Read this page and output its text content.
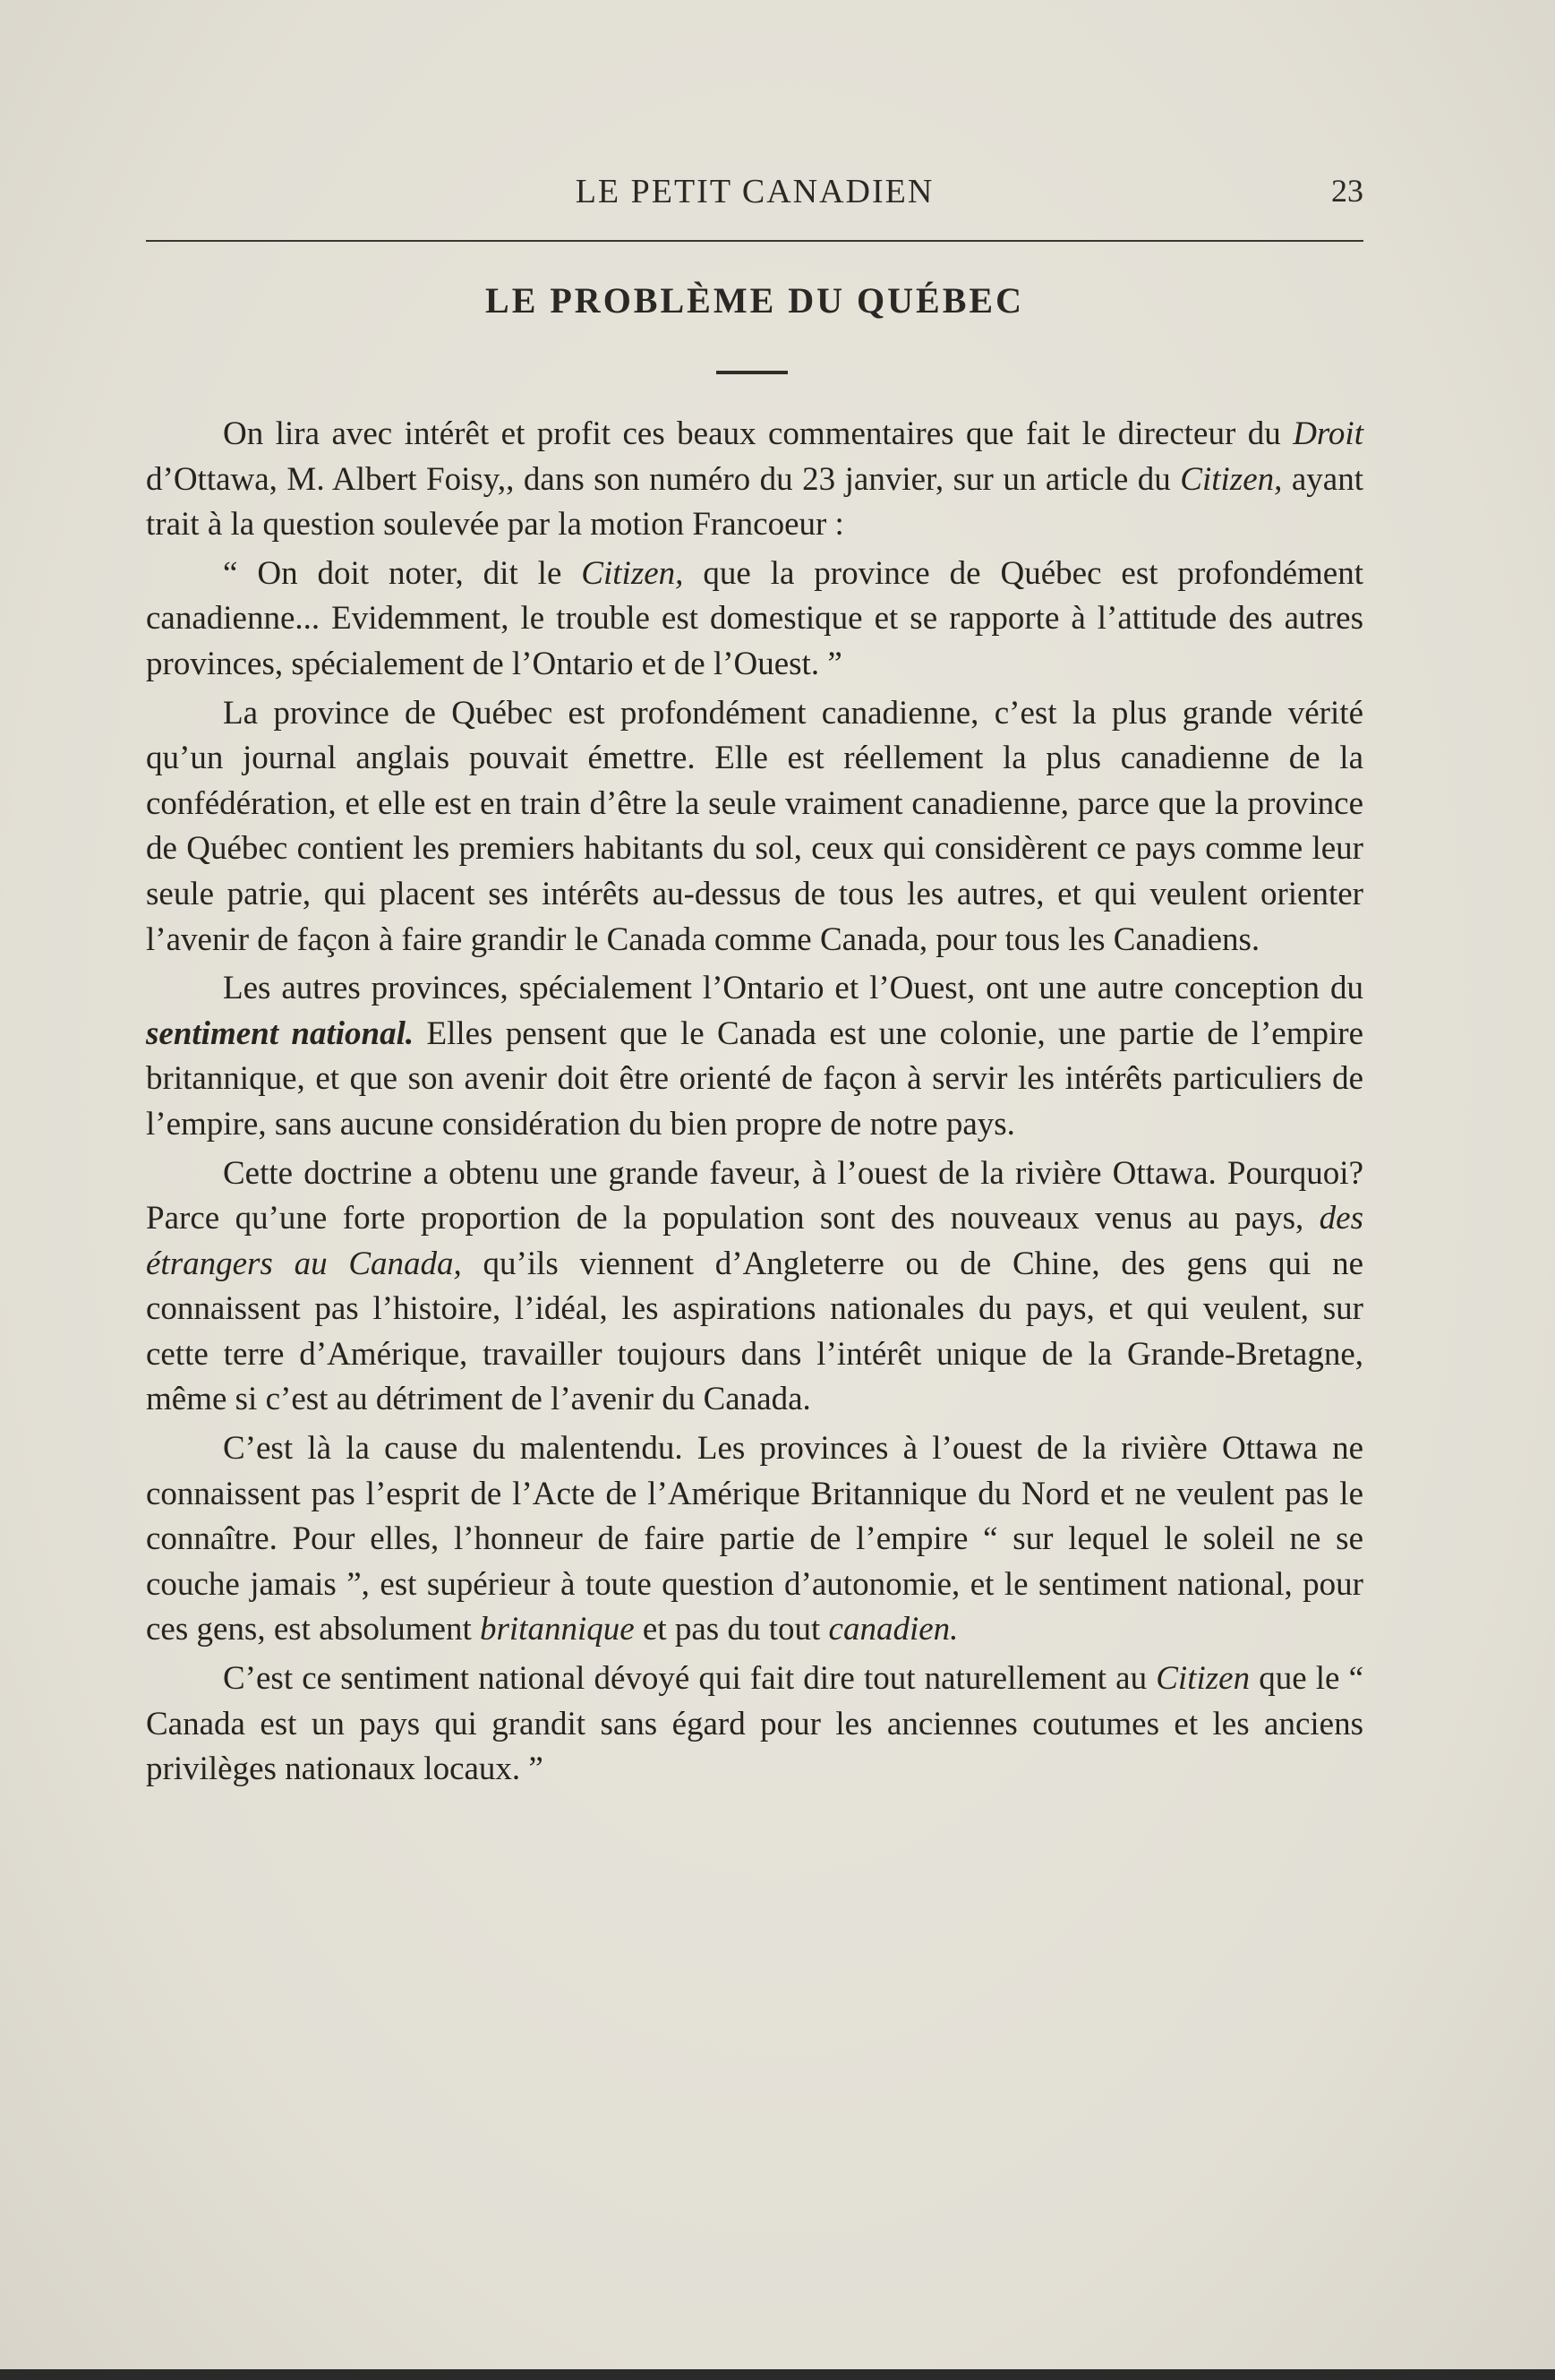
LE PETIT CANADIEN	23
LE PROBLÈME DU QUÉBEC

On lira avec intérêt et profit ces beaux commentaires que fait le directeur du Droit d’Ottawa, M. Albert Foisy,, dans son numéro du 23 janvier, sur un article du Citizen, ayant trait à la question soulevée par la motion Francoeur :

“ On doit noter, dit le Citizen, que la province de Québec est profondément canadienne... Evidemment, le trouble est domestique et se rapporte à l’attitude des autres provinces, spécialement de l’Ontario et de l’Ouest. ”

La province de Québec est profondément canadienne, c’est la plus grande vérité qu’un journal anglais pouvait émettre. Elle est réellement la plus canadienne de la confédération, et elle est en train d’être la seule vraiment canadienne, parce que la province de Québec contient les premiers habitants du sol, ceux qui considèrent ce pays comme leur seule patrie, qui placent ses intérêts au-dessus de tous les autres, et qui veulent orienter l’avenir de façon à faire grandir le Canada comme Canada, pour tous les Canadiens.

Les autres provinces, spécialement l’Ontario et l’Ouest, ont une autre conception du sentiment national. Elles pensent que le Canada est une colonie, une partie de l’empire britannique, et que son avenir doit être orienté de façon à servir les intérêts particuliers de l’empire, sans aucune considération du bien propre de notre pays.

Cette doctrine a obtenu une grande faveur, à l’ouest de la rivière Ottawa. Pourquoi? Parce qu’une forte proportion de la population sont des nouveaux venus au pays, des étrangers au Canada, qu’ils viennent d’Angleterre ou de Chine, des gens qui ne connaissent pas l’histoire, l’idéal, les aspirations nationales du pays, et qui veulent, sur cette terre d’Amérique, travailler toujours dans l’intérêt unique de la Grande-Bretagne, même si c’est au détriment de l’avenir du Canada.

C’est là la cause du malentendu. Les provinces à l’ouest de la rivière Ottawa ne connaissent pas l’esprit de l’Acte de l’Amérique Britannique du Nord et ne veulent pas le connaître. Pour elles, l’honneur de faire partie de l’empire “ sur lequel le soleil ne se couche jamais ”, est supérieur à toute question d’autonomie, et le sentiment national, pour ces gens, est absolument britannique et pas du tout canadien.

C’est ce sentiment national dévoyé qui fait dire tout naturellement au Citizen que le “ Canada est un pays qui grandit sans égard pour les anciennes coutumes et les anciens privilèges nationaux locaux. ”
